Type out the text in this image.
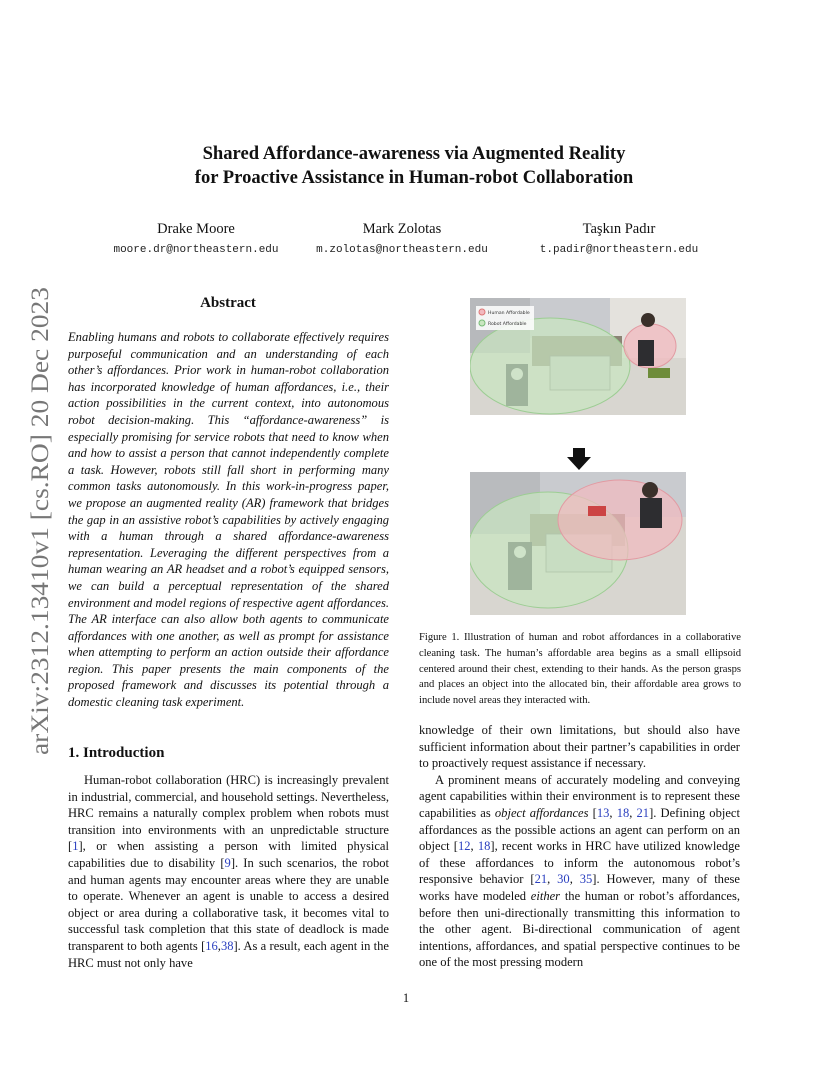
arXiv:2312.13410v1 [cs.RO] 20 Dec 2023
Shared Affordance-awareness via Augmented Reality
for Proactive Assistance in Human-robot Collaboration
Drake Moore
moore.dr@northeastern.edu
Mark Zolotas
m.zolotas@northeastern.edu
Taşkın Padır
t.padir@northeastern.edu
Abstract
Enabling humans and robots to collaborate effectively requires purposeful communication and an understanding of each other’s affordances. Prior work in human-robot collaboration has incorporated knowledge of human affordances, i.e., their action possibilities in the current context, into autonomous robot decision-making. This “affordance-awareness” is especially promising for service robots that need to know when and how to assist a person that cannot independently complete a task. However, robots still fall short in performing many common tasks autonomously. In this work-in-progress paper, we propose an augmented reality (AR) framework that bridges the gap in an assistive robot’s capabilities by actively engaging with a human through a shared affordance-awareness representation. Leveraging the different perspectives from a human wearing an AR headset and a robot’s equipped sensors, we can build a perceptual representation of the shared environment and model regions of respective agent affordances. The AR interface can also allow both agents to communicate affordances with one another, as well as prompt for assistance when attempting to perform an action outside their affordance region. This paper presents the main components of the proposed framework and discusses its potential through a domestic cleaning task experiment.
1. Introduction

Human-robot collaboration (HRC) is increasingly prevalent in industrial, commercial, and household settings. Nevertheless, HRC remains a naturally complex problem when robots must transition into environments with an unpredictable structure [1], or when assisting a person with limited physical capabilities due to disability [9]. In such scenarios, the robot and human agents may encounter areas where they are unable to operate. Whenever an agent is unable to access a desired object or area during a collaborative task, it becomes vital to successful task completion that this state of deadlock is made transparent to both agents [16,38]. As a result, each agent in the HRC must not only have

Human Affordable
Robot Affordable
Figure 1. Illustration of human and robot affordances in a collaborative cleaning task. The human’s affordable area begins as a small ellipsoid centered around their chest, extending to their hands. As the person grasps and places an object into the allocated bin, their affordable area grows to include novel areas they interacted with.

knowledge of their own limitations, but should also have sufficient information about their partner’s capabilities in order to proactively request assistance if necessary.

A prominent means of accurately modeling and conveying agent capabilities within their environment is to represent these capabilities as object affordances [13, 18, 21]. Defining object affordances as the possible actions an agent can perform on an object [12, 18], recent works in HRC have utilized knowledge of these affordances to inform the autonomous robot’s responsive behavior [21, 30, 35]. However, many of these works have modeled either the human or robot’s affordances, before then uni-directionally transmitting this information to the other agent. Bi-directional communication of agent intentions, affordances, and spatial perspective continues to be one of the most pressing modern

1
